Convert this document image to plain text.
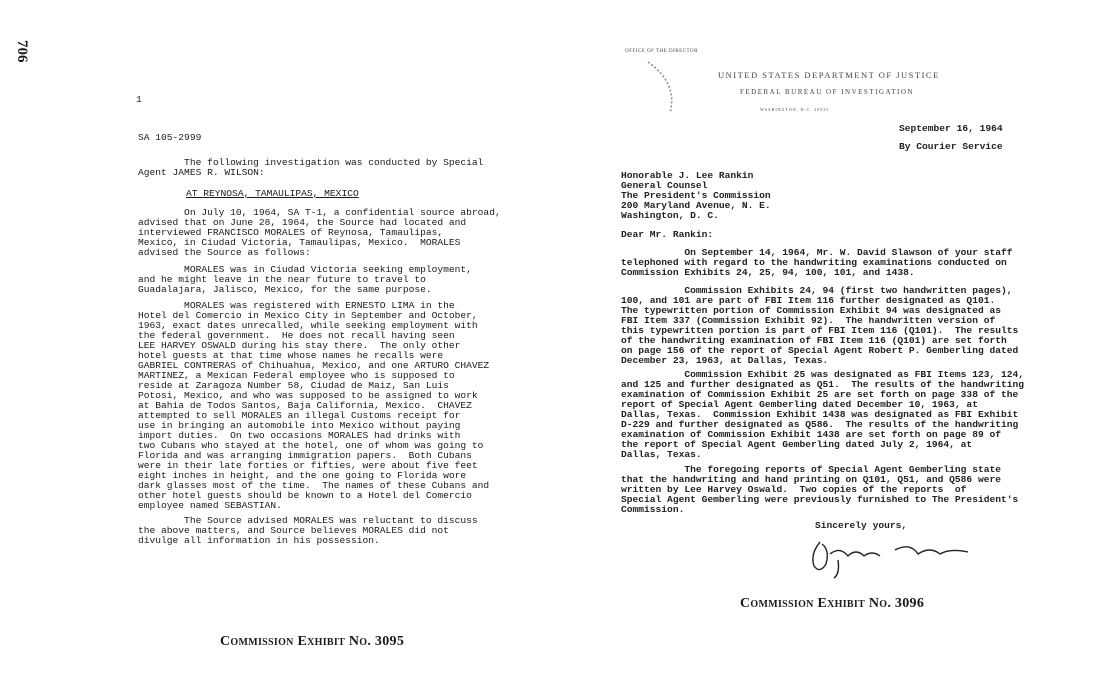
706
1
SA 105-2999
The following investigation was conducted by Special
Agent JAMES R. WILSON:
AT REYNOSA, TAMAULIPAS, MEXICO
On July 10, 1964, SA T-1, a confidential source abroad,
advised that on June 28, 1964, the Source had located and
interviewed FRANCISCO MORALES of Reynosa, Tamaulipas,
Mexico, in Ciudad Victoria, Tamaulipas, Mexico.  MORALES
advised the Source as follows:
MORALES was in Ciudad Victoria seeking employment,
and he might leave in the near future to travel to
Guadalajara, Jalisco, Mexico, for the same purpose.
MORALES was registered with ERNESTO LIMA in the
Hotel del Comercio in Mexico City in September and October,
1963, exact dates unrecalled, while seeking employment with
the federal government.  He does not recall having seen
LEE HARVEY OSWALD during his stay there.  The only other
hotel guests at that time whose names he recalls were
GABRIEL CONTRERAS of Chihuahua, Mexico, and one ARTURO CHAVEZ
MARTINEZ, a Mexican Federal employee who is supposed to
reside at Zaragoza Number 58, Ciudad de Maiz, San Luis
Potosi, Mexico, and who was supposed to be assigned to work
at Bahia de Todos Santos, Baja California, Mexico.  CHAVEZ
attempted to sell MORALES an illegal Customs receipt for
use in bringing an automobile into Mexico without paying
import duties.  On two occasions MORALES had drinks with
two Cubans who stayed at the hotel, one of whom was going to
Florida and was arranging immigration papers.  Both Cubans
were in their late forties or fifties, were about five feet
eight inches in height, and the one going to Florida wore
dark glasses most of the time.  The names of these Cubans and
other hotel guests should be known to a Hotel del Comercio
employee named SEBASTIAN.
The Source advised MORALES was reluctant to discuss
the above matters, and Source believes MORALES did not
divulge all information in his possession.
Commission Exhibit No. 3095
OFFICE OF THE DIRECTOR
UNITED STATES DEPARTMENT OF JUSTICE
FEDERAL BUREAU OF INVESTIGATION
WASHINGTON, D.C. 20535
September 16, 1964
By Courier Service
Honorable J. Lee Rankin
General Counsel
The President's Commission
200 Maryland Avenue, N. E.
Washington, D. C.
Dear Mr. Rankin:
On September 14, 1964, Mr. W. David Slawson of your staff
telephoned with regard to the handwriting examinations conducted on
Commission Exhibits 24, 25, 94, 100, 101, and 1438.
Commission Exhibits 24, 94 (first two handwritten pages),
100, and 101 are part of FBI Item 116 further designated as Q101.
The typewritten portion of Commission Exhibit 94 was designated as
FBI Item 337 (Commission Exhibit 92).  The handwritten version of
this typewritten portion is part of FBI Item 116 (Q101).  The results
of the handwriting examination of FBI Item 116 (Q101) are set forth
on page 156 of the report of Special Agent Robert P. Gemberling dated
December 23, 1963, at Dallas, Texas.
Commission Exhibit 25 was designated as FBI Items 123, 124,
and 125 and further designated as Q51.  The results of the handwriting
examination of Commission Exhibit 25 are set forth on page 338 of the
report of Special Agent Gemberling dated December 10, 1963, at
Dallas, Texas.  Commission Exhibit 1438 was designated as FBI Exhibit
D-229 and further designated as Q586.  The results of the handwriting
examination of Commission Exhibit 1438 are set forth on page 89 of
the report of Special Agent Gemberling dated July 2, 1964, at
Dallas, Texas.
The foregoing reports of Special Agent Gemberling state
that the handwriting and hand printing on Q101, Q51, and Q586 were
written by Lee Harvey Oswald.  Two copies of the reports  of
Special Agent Gemberling were previously furnished to The President's
Commission.
Sincerely yours,
Commission Exhibit No. 3096
